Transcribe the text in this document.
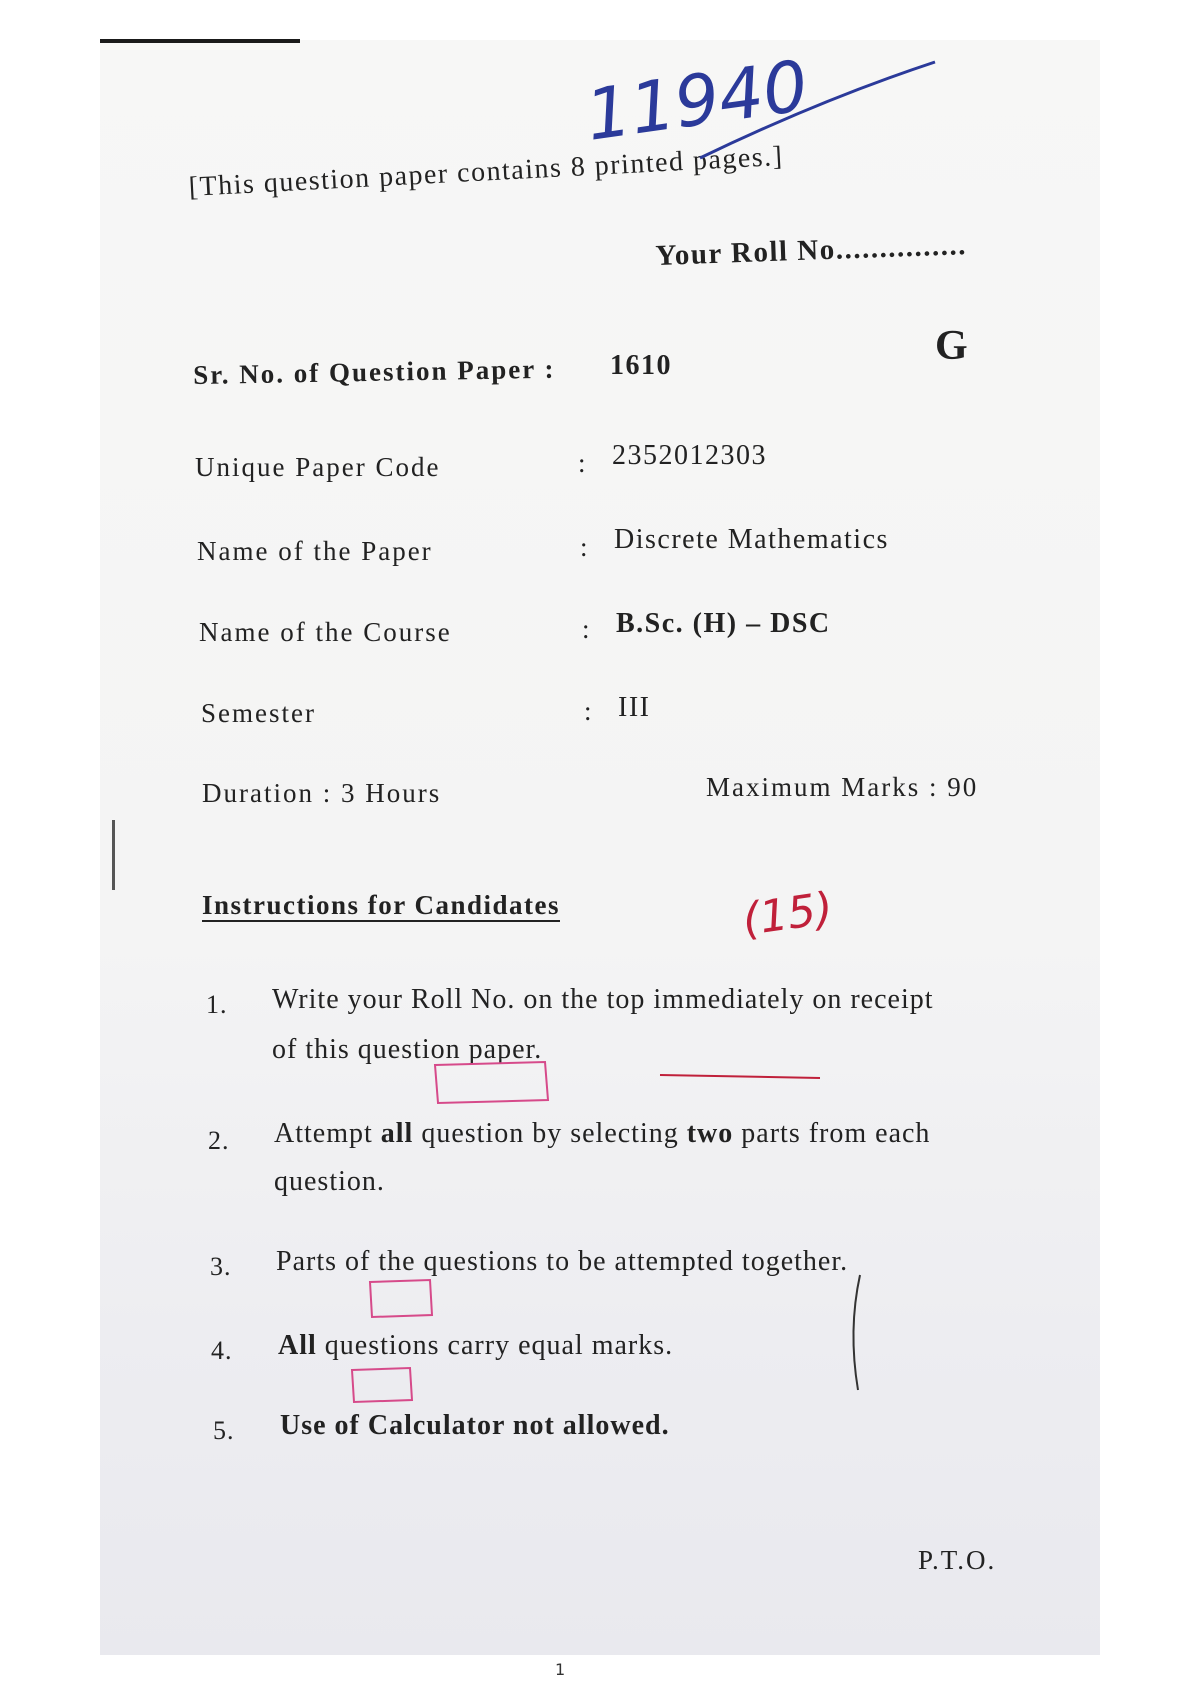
[This question paper contains 8 printed pages.]
Your Roll No...............
G
Sr. No. of Question Paper : 1610
Unique Paper Code	: 2352012303
Name of the Paper	: Discrete Mathematics
Name of the Course	: B.Sc. (H) – DSC
Semester	: III
Duration : 3 Hours	Maximum Marks : 90
Instructions for Candidates
1. Write your Roll No. on the top immediately on receipt
of this question paper.
2. Attempt all question by selecting two parts from each
question.
3. Parts of the questions to be attempted together.
4. All questions carry equal marks.
5. Use of Calculator not allowed.
P.T.O.
1
11940
(15)
